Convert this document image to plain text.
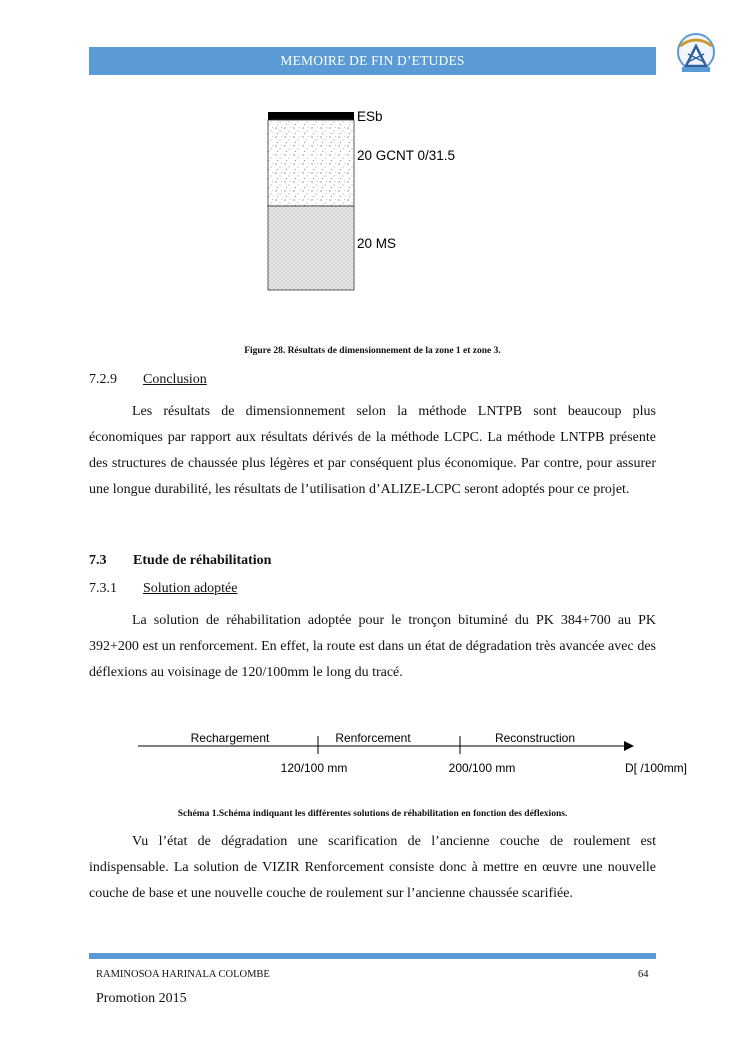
MEMOIRE DE FIN D’ETUDES
ESb
20 GCNT 0/31.5
20 MS
Figure 28. Résultats de dimensionnement de la zone 1 et zone 3.
7.2.9 Conclusion

Les résultats de dimensionnement selon la méthode LNTPB sont beaucoup plus économiques par rapport aux résultats dérivés de la méthode LCPC. La méthode LNTPB présente des structures de chaussée plus légères et par conséquent plus économique. Par contre, pour assurer une longue durabilité, les résultats de l’utilisation d’ALIZE-LCPC seront adoptés pour ce projet.

7.3 Etude de réhabilitation
7.3.1 Solution adoptée

La solution de réhabilitation adoptée pour le tronçon bituminé du PK 384+700 au PK 392+200 est un renforcement. En effet, la route est dans un état de dégradation très avancée avec des déflexions au voisinage de 120/100mm le long du tracé.

Rechargement	Renforcement	Reconstruction
120/100 mm	200/100 mm	D[ /100mm]
Schéma 1.Schéma indiquant les différentes solutions de réhabilitation en fonction des déflexions.

Vu l’état de dégradation une scarification de l’ancienne couche de roulement est indispensable. La solution de VIZIR Renforcement consiste donc à mettre en œuvre une nouvelle couche de base et une nouvelle couche de roulement sur l’ancienne chaussée scarifiée.

RAMINOSOA HARINALA COLOMBE	64
Promotion 2015
